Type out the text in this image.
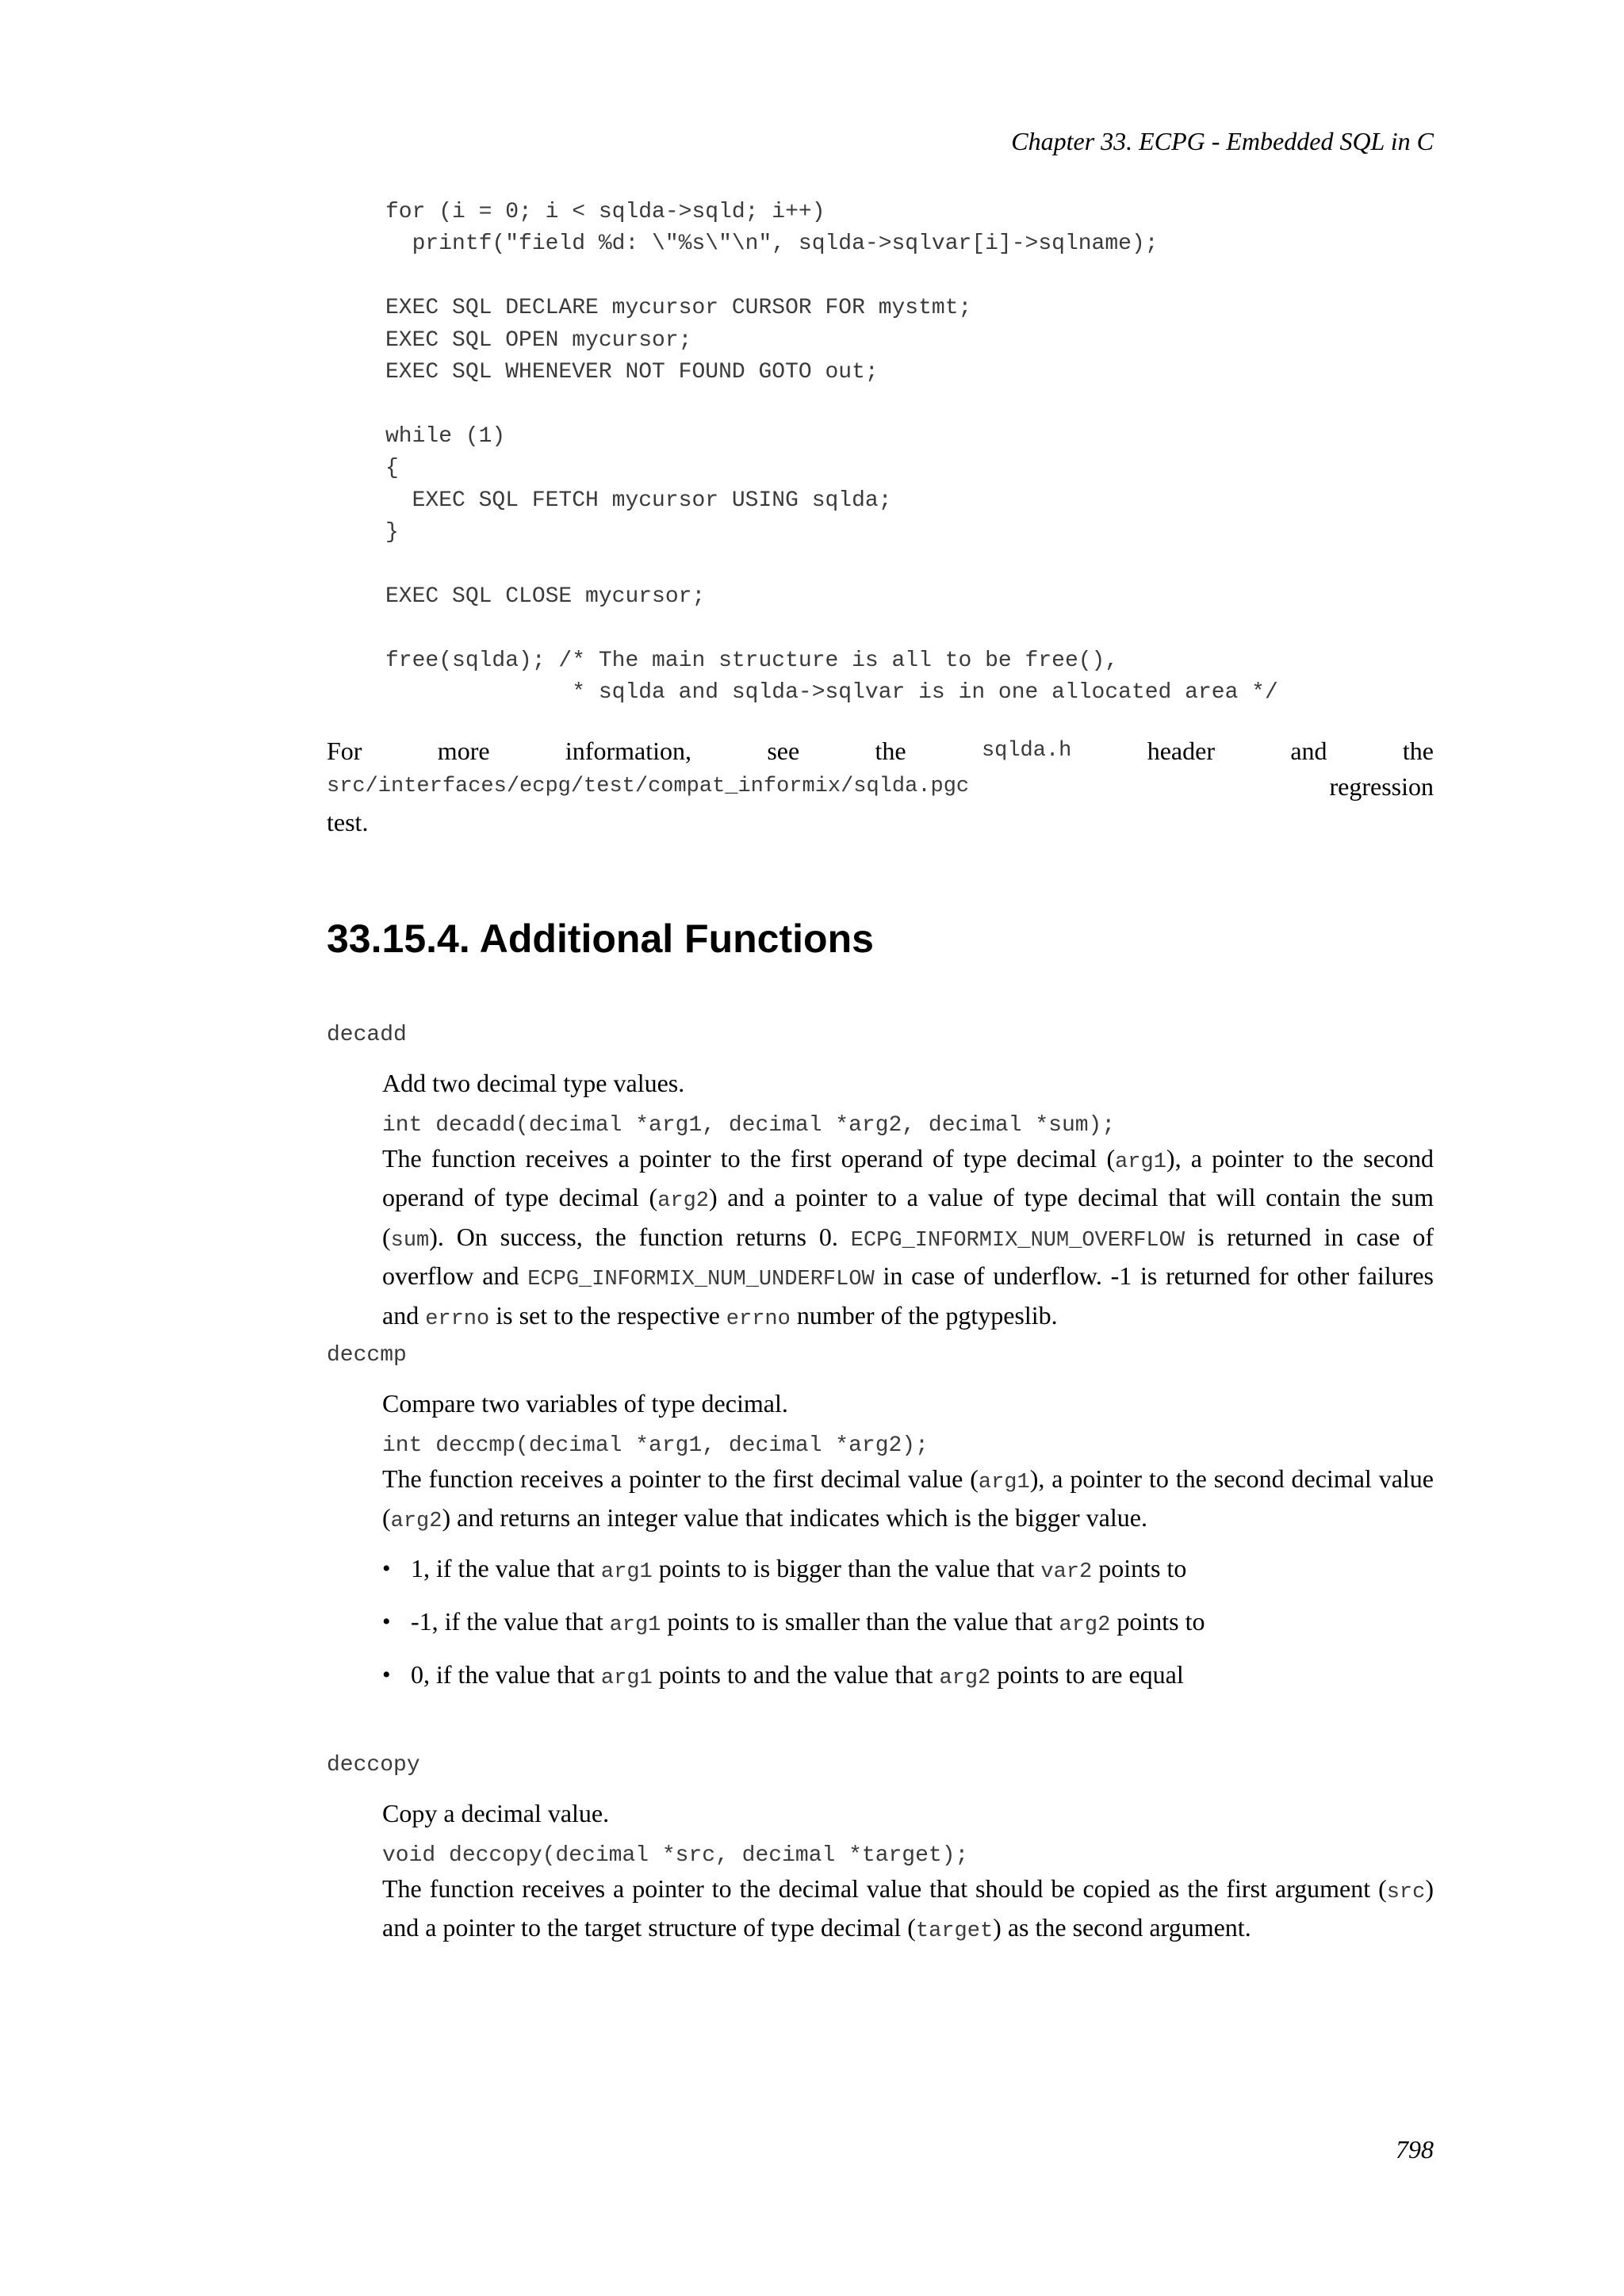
Chapter 33. ECPG - Embedded SQL in C
for (i = 0; i < sqlda->sqld; i++)
printf("field %d: \"%s\"\n", sqlda->sqlvar[i]->sqlname);

EXEC SQL DECLARE mycursor CURSOR FOR mystmt;
EXEC SQL OPEN mycursor;
EXEC SQL WHENEVER NOT FOUND GOTO out;

while (1)
{
EXEC SQL FETCH mycursor USING sqlda;
}

EXEC SQL CLOSE mycursor;

free(sqlda); /* The main structure is all to be free(),
* sqlda and sqlda->sqlvar is in one allocated area */
For	more	information,	see	the	sqlda.h	header	and	the
src/interfaces/ecpg/test/compat_informix/sqlda.pgc	regression
test.
33.15.4. Additional Functions
decadd

Add two decimal type values.

int decadd(decimal *arg1, decimal *arg2, decimal *sum);

The function receives a pointer to the first operand of type decimal (arg1), a pointer to the second operand of type decimal (arg2) and a pointer to a value of type decimal that will contain the sum (sum). On success, the function returns 0. ECPG_INFORMIX_NUM_OVERFLOW is returned in case of overflow and ECPG_INFORMIX_NUM_UNDERFLOW in case of underflow. -1 is returned for other failures and errno is set to the respective errno number of the pgtypeslib.

deccmp

Compare two variables of type decimal.

int deccmp(decimal *arg1, decimal *arg2);

The function receives a pointer to the first decimal value (arg1), a pointer to the second decimal value (arg2) and returns an integer value that indicates which is the bigger value.

• 1, if the value that arg1 points to is bigger than the value that var2 points to
• -1, if the value that arg1 points to is smaller than the value that arg2 points to
• 0, if the value that arg1 points to and the value that arg2 points to are equal
deccopy

Copy a decimal value.

void deccopy(decimal *src, decimal *target);

The function receives a pointer to the decimal value that should be copied as the first argument (src) and a pointer to the target structure of type decimal (target) as the second argument.

798
